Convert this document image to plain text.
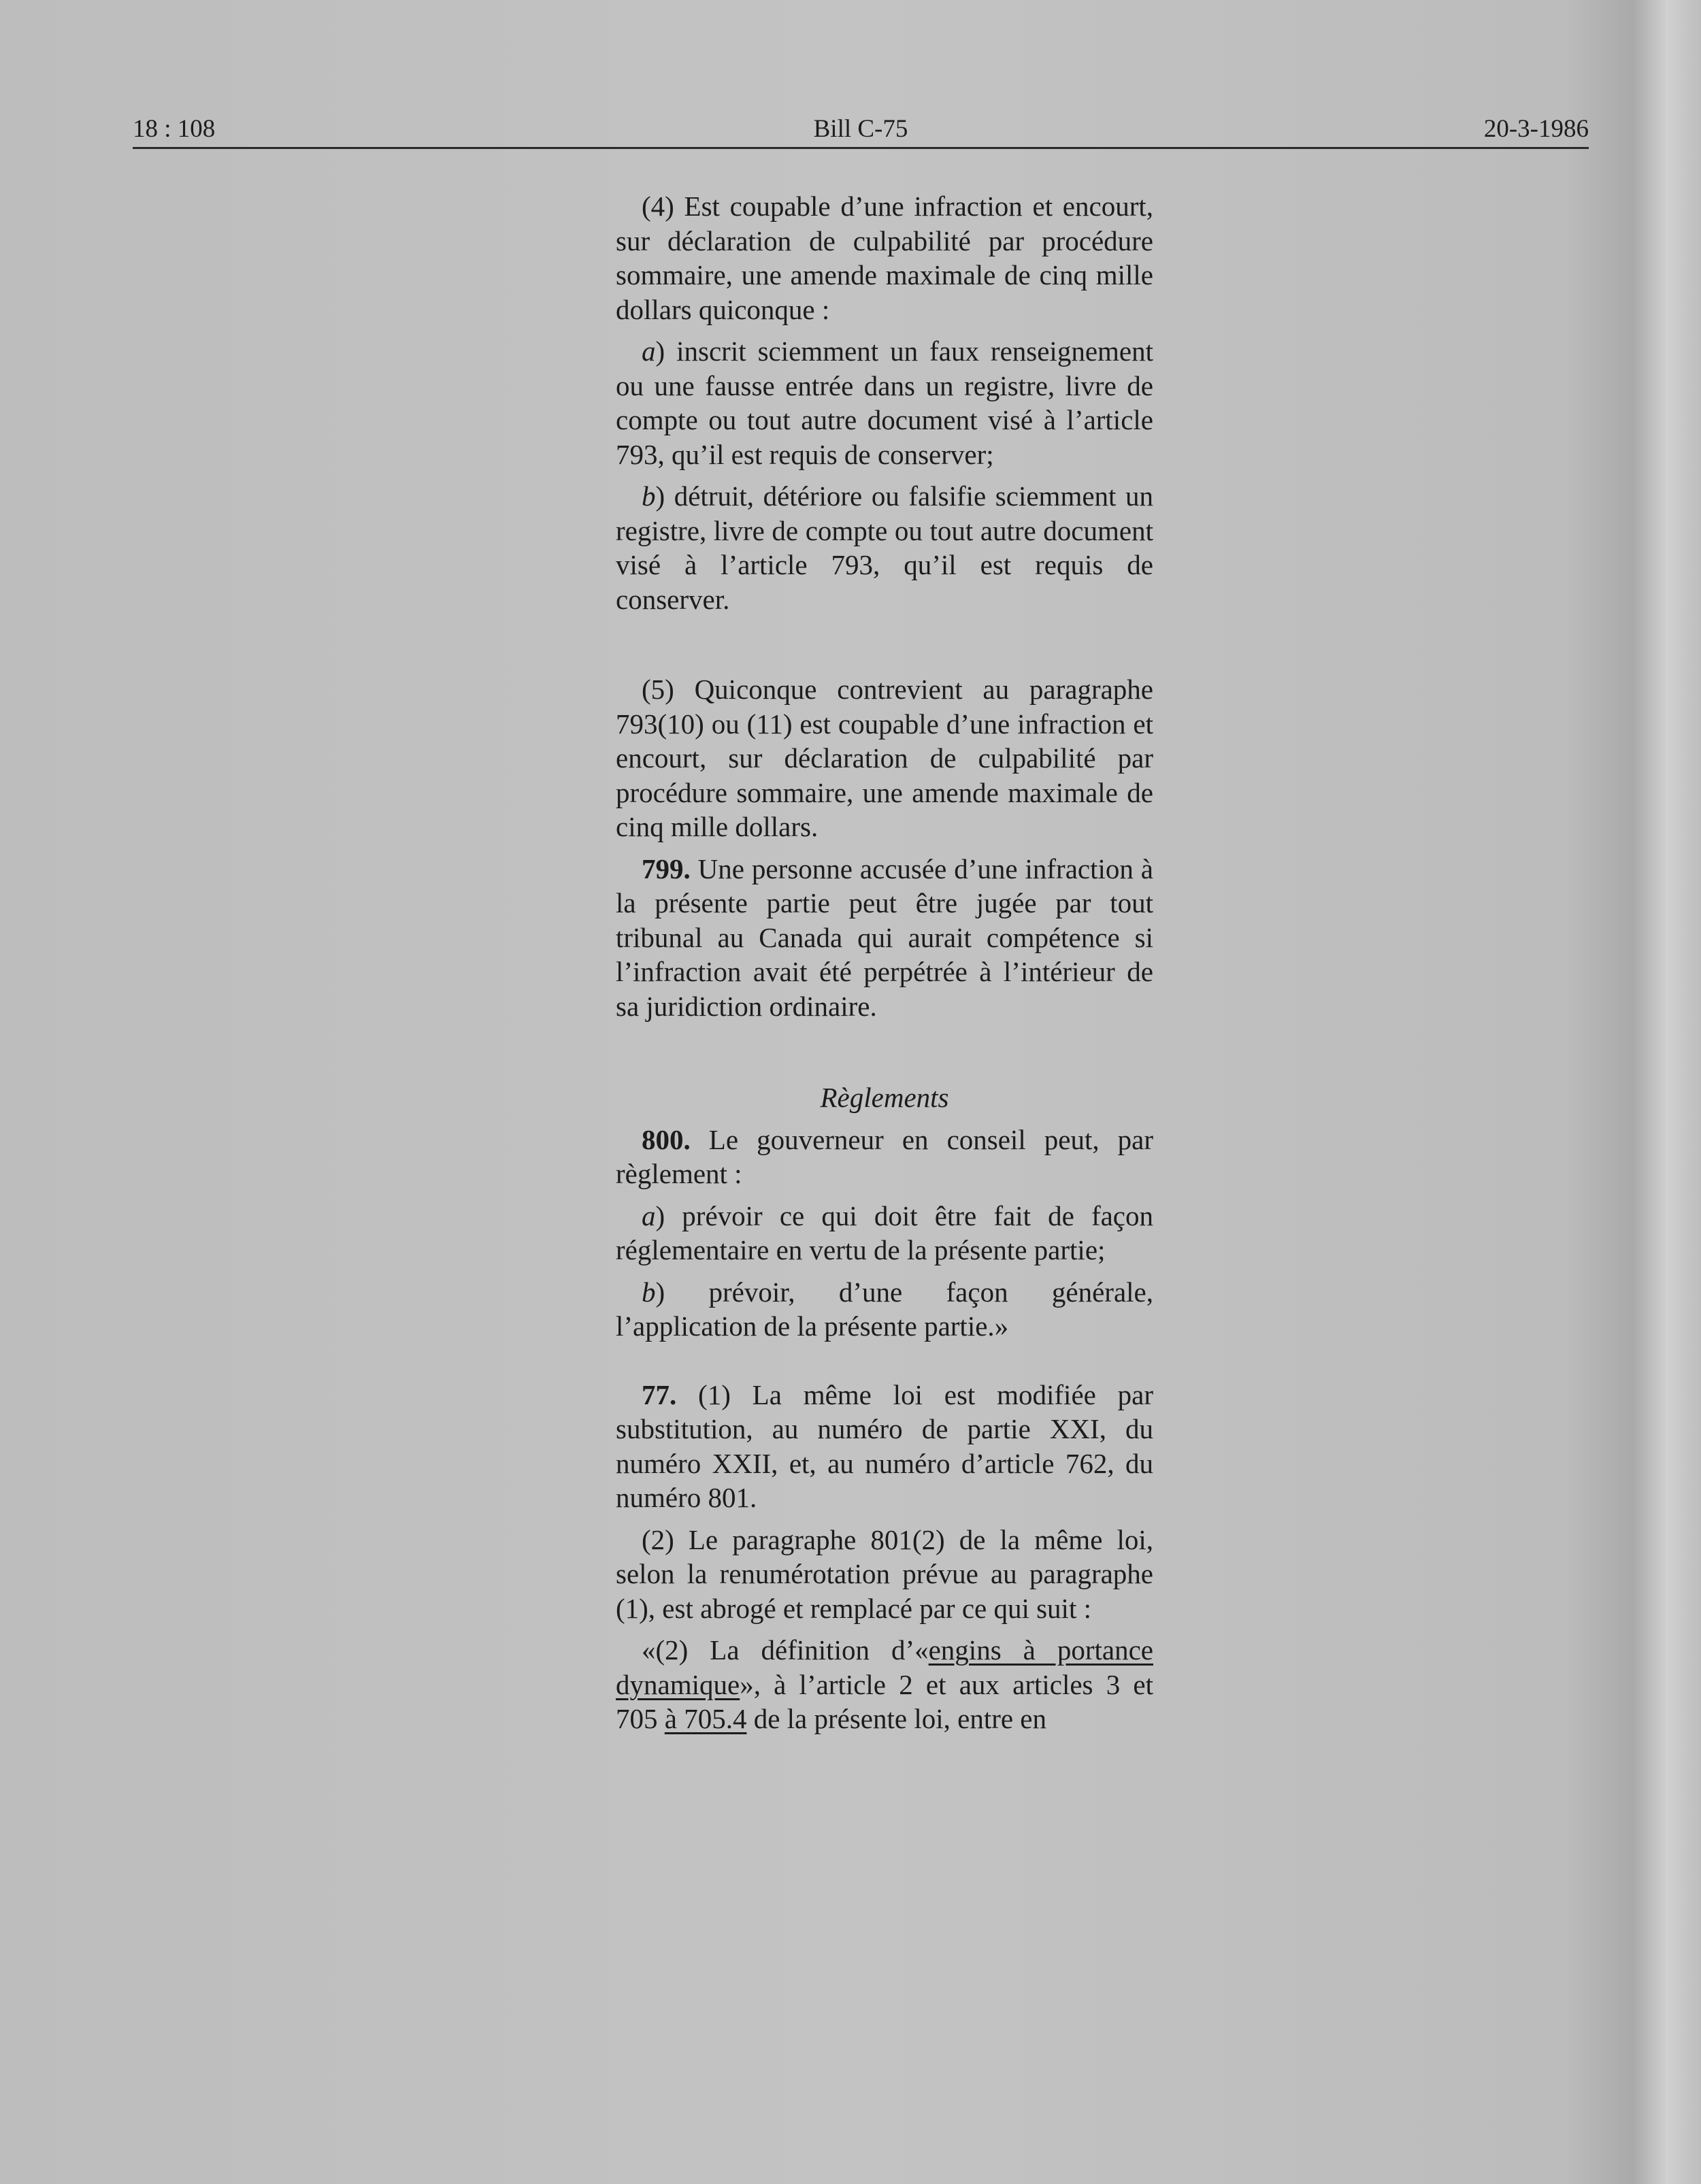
18 : 108	Bill C-75	20-3-1986

(4) Est coupable d’une infraction et encourt, sur déclaration de culpabilité par procédure sommaire, une amende maximale de cinq mille dollars quiconque :

a) inscrit sciemment un faux renseignement ou une fausse entrée dans un registre, livre de compte ou tout autre document visé à l’article 793, qu’il est requis de conserver;

b) détruit, détériore ou falsifie sciemment un registre, livre de compte ou tout autre document visé à l’article 793, qu’il est requis de conserver.

(5) Quiconque contrevient au paragraphe 793(10) ou (11) est coupable d’une infraction et encourt, sur déclaration de culpabilité par procédure sommaire, une amende maximale de cinq mille dollars.

799. Une personne accusée d’une infraction à la présente partie peut être jugée par tout tribunal au Canada qui aurait compétence si l’infraction avait été perpétrée à l’intérieur de sa juridiction ordinaire.

Règlements

800. Le gouverneur en conseil peut, par règlement :

a) prévoir ce qui doit être fait de façon réglementaire en vertu de la présente partie;

b) prévoir, d’une façon générale, l’application de la présente partie.»

77. (1) La même loi est modifiée par substitution, au numéro de partie XXI, du numéro XXII, et, au numéro d’article 762, du numéro 801.

(2) Le paragraphe 801(2) de la même loi, selon la renumérotation prévue au paragraphe (1), est abrogé et remplacé par ce qui suit :

«(2) La définition d’«engins à portance dynamique», à l’article 2 et aux articles 3 et 705 à 705.4 de la présente loi, entre en
